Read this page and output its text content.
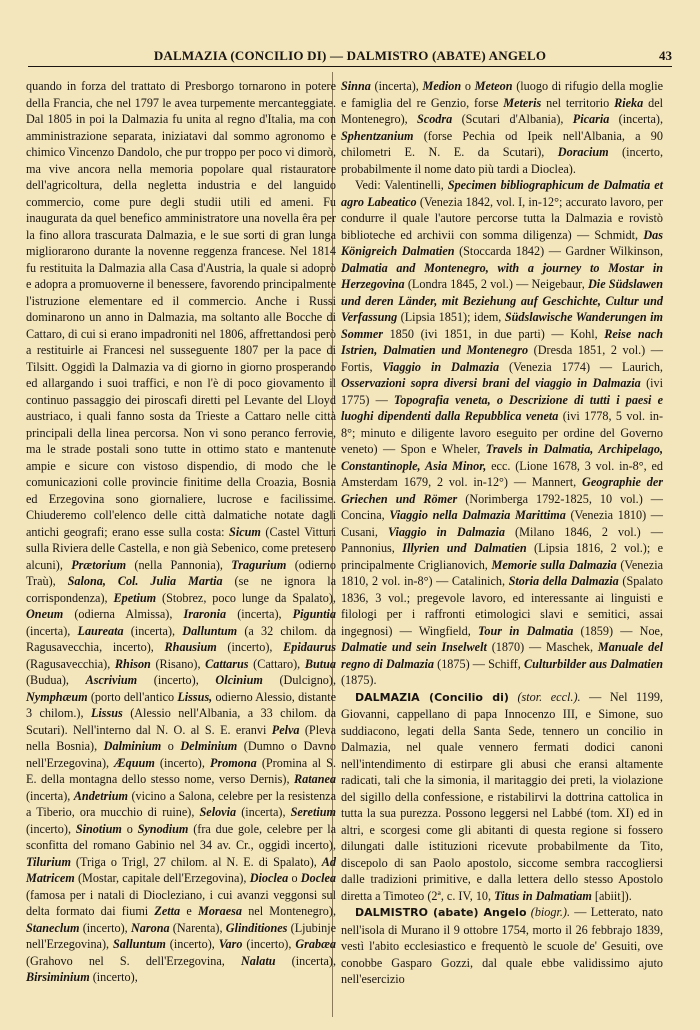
DALMAZIA (CONCILIO DI) — DALMISTRO (ABATE) ANGELO	43

quando in forza del trattato di Presborgo tornarono in potere della Francia, che nel 1797 le avea turpemente mercanteggiate. Dal 1805 in poi la Dalmazia fu unita al regno d'Italia, ma con amministrazione separata, iniziatavi dal sommo agronomo e chimico Vincenzo Dandolo, che pur troppo per poco vi dimorò, ma vive ancora nella memoria popolare qual ristauratore dell'agricoltura, della negletta industria e del languido commercio, come pure degli studii utili ed ameni. Fu inaugurata da quel benefico amministratore una novella êra per la fino allora trascurata Dalmazia, e le sue sorti di gran lunga migliorarono durante la novenne reggenza francese. Nel 1814 fu restituita la Dalmazia alla Casa d'Austria, la quale si adoprò e adopra a promuoverne il benessere, favorendo principalmente l'istruzione elementare ed il commercio. Anche i Russi dominarono un anno in Dalmazia, ma soltanto alle Bocche di Cattaro, di cui si erano impadroniti nel 1806, affrettandosi però a restituirle ai Francesi nel susseguente 1807 per la pace di Tilsitt. Oggidì la Dalmazia va di giorno in giorno prosperando ed allargando i suoi traffici, e non l'è di poco giovamento il continuo passaggio dei piroscafi diretti pel Levante del Lloyd austriaco, i quali fanno sosta da Trieste a Cattaro nelle città principali della linea percorsa. Non vi sono peranco ferrovie, ma le strade postali sono tutte in ottimo stato e mantenute ampie e sicure con vistoso dispendio, di modo che le comunicazioni colle provincie finitime della Croazia, Bosnia ed Erzegovina sono giornaliere, lucrose e facilissime. Chiuderemo coll'elenco delle città dalmatiche notate dagli antichi geografi; erano esse sulla costa: Sicum (Castel Vitturi sulla Riviera delle Castella, e non già Sebenico, come pretesero alcuni), Prætorium (nella Pannonia), Tragurium (odierno Traù), Salona, Col. Julia Martia (se ne ignora la corrispondenza), Epetium (Stobrez, poco lunge da Spalato), Oneum (odierna Almissa), Iraronia (incerta), Piguntia (incerta), Laureata (incerta), Dalluntum (a 32 chilom. da Ragusavecchia, incerto), Rhausium (incerto), Epidaurus (Ragusavecchia), Rhison (Risano), Cattarus (Cattaro), Butua (Budua), Ascrivium (incerto), Olcinium (Dulcigno), Nymphæum (porto dell'antico Lissus, odierno Alessio, distante 3 chilom.), Lissus (Alessio nell'Albania, a 33 chilom. da Scutari). Nell'interno dal N. O. al S. E. eranvi Pelva (Pleva nella Bosnia), Dalminium o Delminium (Dumno o Davno nell'Erzegovina), Æquum (incerto), Promona (Promina al S. E. della montagna dello stesso nome, verso Dernis), Rataneа (incerta), Andetrium (vicino a Salona, celebre per la resistenza a Tiberio, ora mucchio di ruine), Selovia (incerta), Seretium (incerto), Sinotium o Synodium (fra due gole, celebre per la sconfitta del romano Gabinio nel 34 av. Cr., oggidì incerto), Tilurium (Triga o Trigl, 27 chilom. al N. E. di Spalato), Ad Matricem (Mostar, capitale dell'Erzegovina), Dioclea o Doclea (famosa per i natali di Diocleziano, i cui avanzi veggonsi sul delta formato dai fiumi Zetta e Moraesa nel Montenegro), Staneclum (incerto), Narona (Narenta), Glinditiones (Ljubinje nell'Erzegovina), Salluntum (incerto), Varo (incerto), Grabæa (Grahovo nel S. dell'Erzegovina, Nalatu (incerta), Birsiminium (incerto),

Sinna (incerta), Medion o Meteon (luogo di rifugio della moglie e famiglia del re Genzio, forse Meteris nel territorio Rieka del Montenegro), Scodra (Scutari d'Albania), Picaria (incerta), Sphentzanium (forse Pechia od Ipeik nell'Albania, a 90 chilometri E. N. E. da Scutari), Doracium (incerto, probabilmente il nome dato più tardi a Dioclea).

Vedi: Valentinelli, Specimen bibliographicum de Dalmatia et agro Labeatico (Venezia 1842, vol. I, in-12°; accurato lavoro, per condurre il quale l'autore percorse tutta la Dalmazia e rovistò biblioteche ed archivii con somma diligenza) — Schmidt, Das Königreich Dalmatien (Stoccarda 1842) — Gardner Wilkinson, Dalmatia and Montenegro, with a journey to Mostar in Herzegovina (Londra 1845, 2 vol.) — Neigebaur, Die Südslawen und deren Länder, mit Beziehung auf Geschichte, Cultur und Verfassung (Lipsia 1851); idem, Südslawische Wanderungen im Sommer 1850 (ivi 1851, in due parti) — Kohl, Reise nach Istrien, Dalmatien und Montenegro (Dresda 1851, 2 vol.) — Fortis, Viaggio in Dalmazia (Venezia 1774) — Laurich, Osservazioni sopra diversi brani del viaggio in Dalmazia (ivi 1775) — Topografia veneta, o Descrizione di tutti i paesi e luoghi dipendenti dalla Repubblica veneta (ivi 1778, 5 vol. in-8°; minuto e diligente lavoro eseguito per ordine del Governo veneto) — Spon e Wheler, Travels in Dalmatia, Archipelago, Constantinople, Asia Minor, ecc. (Lione 1678, 3 vol. in-8°, ed Amsterdam 1679, 2 vol. in-12°) — Mannert, Geographie der Griechen und Römer (Norimberga 1792-1825, 10 vol.) — Concina, Viaggio nella Dalmazia Marittima (Venezia 1810) — Cusani, Viaggio in Dalmazia (Milano 1846, 2 vol.) — Pannonius, Illyrien und Dalmatien (Lipsia 1816, 2 vol.); e principalmente Criglianovich, Memorie sulla Dalmazia (Venezia 1810, 2 vol. in-8°) — Catalinich, Storia della Dalmazia (Spalato 1836, 3 vol.; pregevole lavoro, ed interessante ai linguisti e filologi per i raffronti etimologici slavi e semitici, assai ingegnosi) — Wingfield, Tour in Dalmatia (1859) — Noe, Dalmatie und sein Inselwelt (1870) — Maschek, Manuale del regno di Dalmazia (1875) — Schiff, Culturbilder aus Dalmatien (1875).

DALMAZIA (Concilio di) (stor. eccl.). — Nel 1199, Giovanni, cappellano di papa Innocenzo III, e Simone, suo suddiacono, legati della Santa Sede, tennero un concilio in Dalmazia, nel quale vennero fermati dodici canoni nell'intendimento di estirpare gli abusi che eransi altamente radicati, tali che la simonia, il maritaggio dei preti, la violazione del sigillo della confessione, e ristabilirvi la dottrina cattolica in tutta la sua purezza. Possono leggersi nel Labbé (tom. XI) ed in altri, e scorgesi come gli abitanti di questa regione si fossero dilungati dalle istituzioni ricevute probabilmente da Tito, discepolo di san Paolo apostolo, siccome sembra raccogliersi dalle tradizioni primitive, e dalla lettera dello stesso Apostolo diretta a Timoteo (2ª, c. IV, 10, Titus in Dalmatiam [abiit]).

DALMISTRO (abate) Angelo (biogr.). — Letterato, nato nell'isola di Murano il 9 ottobre 1754, morto il 26 febbrajo 1839, vestì l'abito ecclesiastico e frequentò le scuole de' Gesuiti, ove conobbe Gasparo Gozzi, dal quale ebbe validissimo ajuto nell'esercizio
